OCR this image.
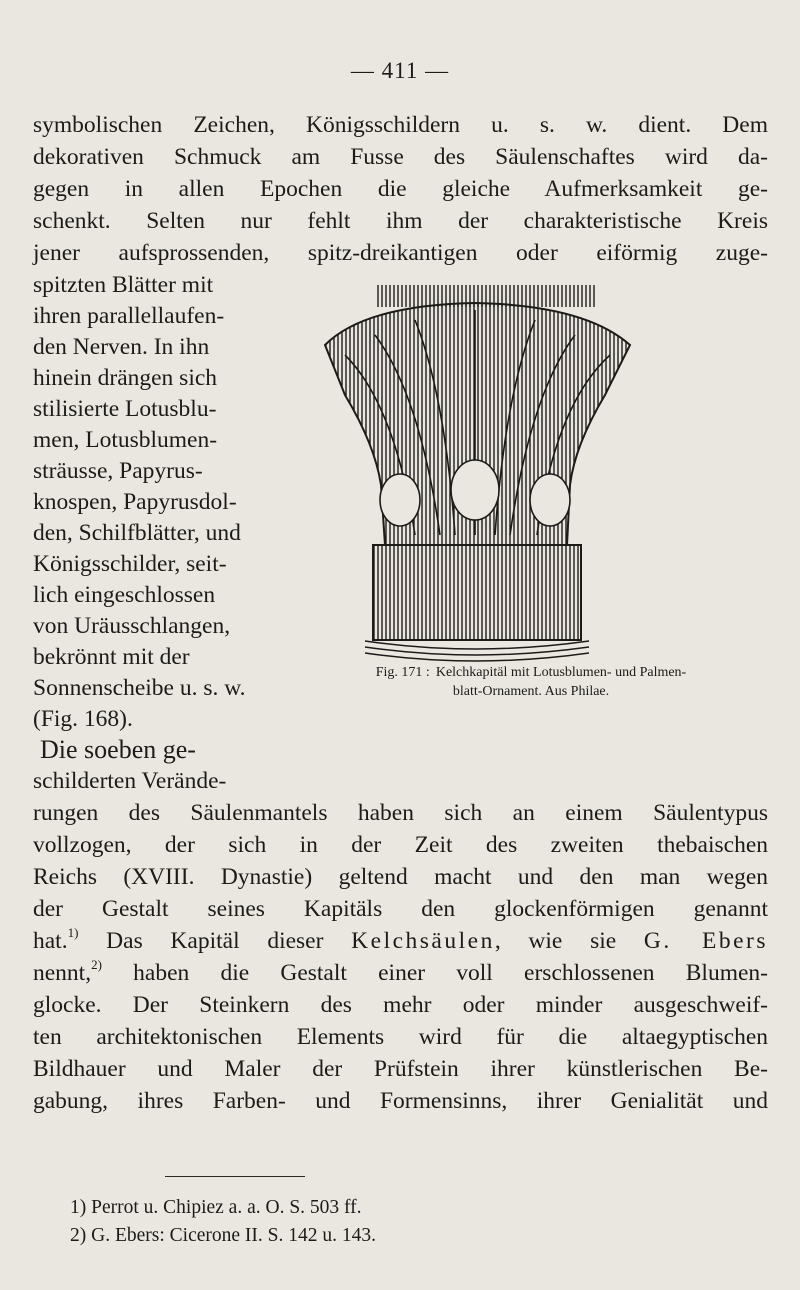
— 411 —
symbolischen Zeichen, Königsschildern u. s. w. dient. Dem
dekorativen Schmuck am Fusse des Säulenschaftes wird da-
gegen in allen Epochen die gleiche Aufmerksamkeit ge-
schenkt. Selten nur fehlt ihm der charakteristische Kreis
jener aufsprossenden, spitz-dreikantigen oder eiförmig zuge-
spitzten Blätter mit
ihren parallellaufen-
den Nerven. In ihn
hinein drängen sich
stilisierte Lotusblu-
men, Lotusblumen-
sträusse, Papyrus-
knospen, Papyrusdol-
den, Schilfblätter, und
Königsschilder, seit-
lich eingeschlossen
von Uräusschlangen,
bekrönnt mit der
Sonnenscheibe u. s. w.
(Fig. 168).
Die soeben ge-
schilderten Verände-
Fig. 171 : Kelchkapitäl mit Lotusblumen- und Palmen-
blatt-Ornament. Aus Philae.
rungen des Säulenmantels haben sich an einem Säulentypus
vollzogen, der sich in der Zeit des zweiten thebaischen
Reichs (XVIII. Dynastie) geltend macht und den man wegen
der Gestalt seines Kapitäls den glockenförmigen genannt
hat.$^{1)}$ Das Kapitäl dieser Kelchsäulen, wie sie G. Ebers
nennt,$^{2)}$ haben die Gestalt einer voll erschlossenen Blumen-
glocke. Der Steinkern des mehr oder minder ausgeschweif-
ten architektonischen Elements wird für die altaegyptischen
Bildhauer und Maler der Prüfstein ihrer künstlerischen Be-
gabung, ihres Farben- und Formensinns, ihrer Genialität und
1) Perrot u. Chipiez a. a. O. S. 503 ff.
2) G. Ebers: Cicerone II. S. 142 u. 143.
